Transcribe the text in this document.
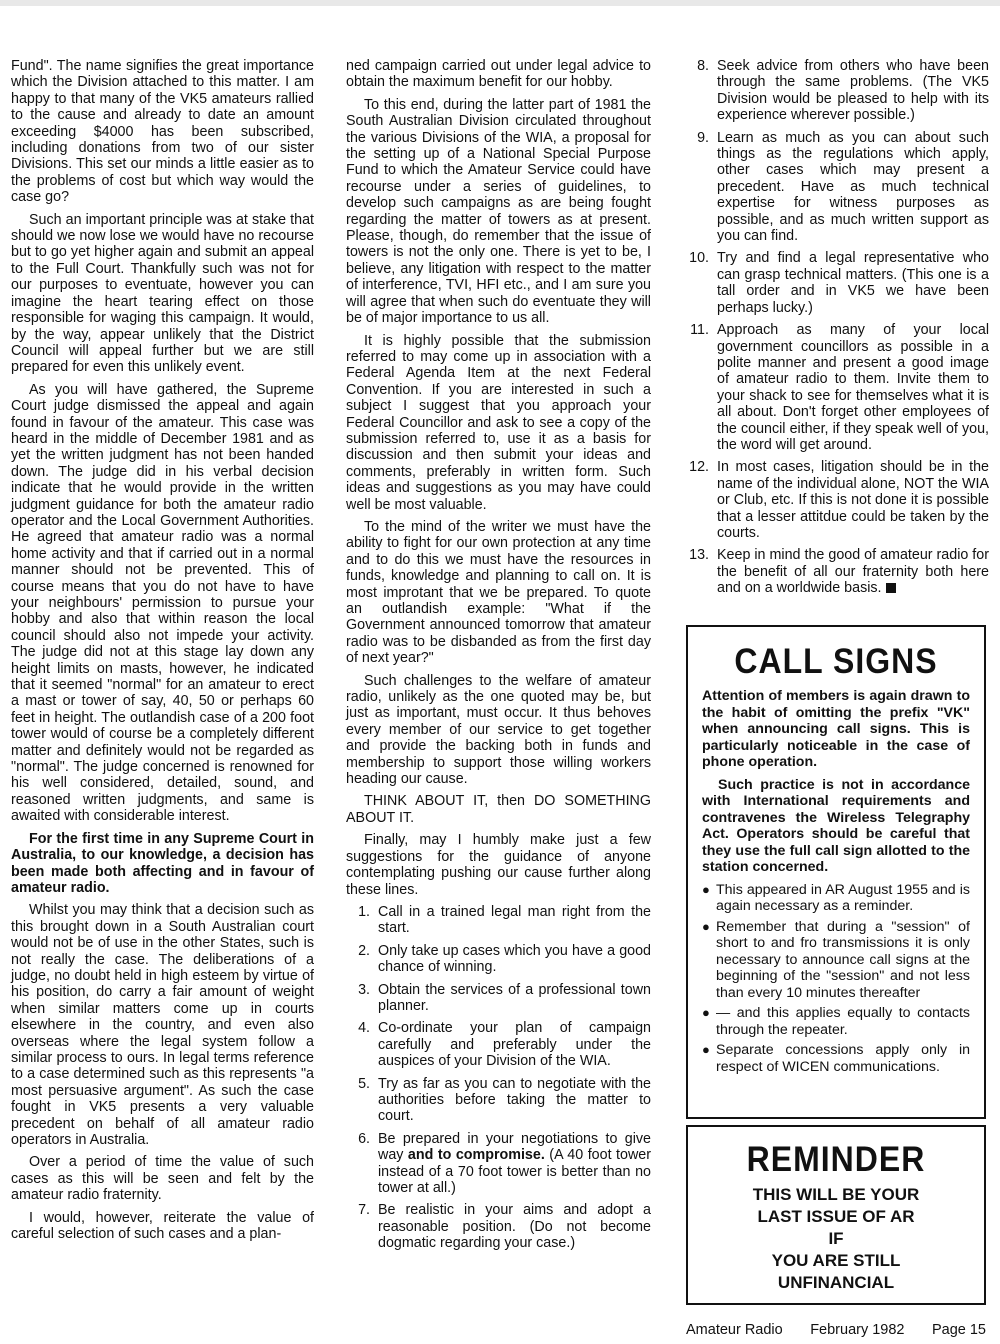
Fund". The name signifies the great importance which the Division attached to this matter. I am happy to that many of the VK5 amateurs rallied to the cause and already to date an amount exceeding $4000 has been subscribed, including donations from two of our sister Divisions. This set our minds a little easier as to the problems of cost but which way would the case go?

Such an important principle was at stake that should we now lose we would have no recourse but to go yet higher again and submit an appeal to the Full Court. Thankfully such was not for our purposes to eventuate, however you can imagine the heart tearing effect on those responsible for waging this campaign. It would, by the way, appear unlikely that the District Council will appeal further but we are still prepared for even this unlikely event.

As you will have gathered, the Supreme Court judge dismissed the appeal and again found in favour of the amateur. This case was heard in the middle of December 1981 and as yet the written judgment has not been handed down. The judge did in his verbal decision indicate that he would provide in the written judgment guidance for both the amateur radio operator and the Local Government Authorities. He agreed that amateur radio was a normal home activity and that if carried out in a normal manner should not be prevented. This of course means that you do not have to have your neighbours' permission to pursue your hobby and also that within reason the local council should also not impede your activity. The judge did not at this stage lay down any height limits on masts, however, he indicated that it seemed "normal" for an amateur to erect a mast or tower of say, 40, 50 or perhaps 60 feet in height. The outlandish case of a 200 foot tower would of course be a completely different matter and definitely would not be regarded as "normal". The judge concerned is renowned for his well considered, detailed, sound, and reasoned written judgments, and same is awaited with considerable interest.

For the first time in any Supreme Court in Australia, to our knowledge, a decision has been made both affecting and in favour of amateur radio.

Whilst you may think that a decision such as this brought down in a South Australian court would not be of use in the other States, such is not really the case. The deliberations of a judge, no doubt held in high esteem by virtue of his position, do carry a fair amount of weight when similar matters come up in courts elsewhere in the country, and even also overseas where the legal system follow a similar process to ours. In legal terms reference to a case determined such as this represents "a most persuasive argument". As such the case fought in VK5 presents a very valuable precedent on behalf of all amateur radio operators in Australia.

Over a period of time the value of such cases as this will be seen and felt by the amateur radio fraternity.

I would, however, reiterate the value of careful selection of such cases and a plan-

ned campaign carried out under legal advice to obtain the maximum benefit for our hobby.

To this end, during the latter part of 1981 the South Australian Division circulated throughout the various Divisions of the WIA, a proposal for the setting up of a National Special Purpose Fund to which the Amateur Service could have recourse under a series of guidelines, to develop such campaigns as are being fought regarding the matter of towers as at present. Please, though, do remember that the issue of towers is not the only one. There is yet to be, I believe, any litigation with respect to the matter of interference, TVI, HFI etc., and I am sure you will agree that when such do eventuate they will be of major importance to us all.

It is highly possible that the submission referred to may come up in association with a Federal Agenda Item at the next Federal Convention. If you are interested in such a subject I suggest that you approach your Federal Councillor and ask to see a copy of the submission referred to, use it as a basis for discussion and then submit your ideas and comments, preferably in written form. Such ideas and suggestions as you may have could well be most valuable.

To the mind of the writer we must have the ability to fight for our own protection at any time and to do this we must have the resources in funds, knowledge and planning to call on. It is most improtant that we be prepared. To quote an outlandish example: "What if the Government announced tomorrow that amateur radio was to be disbanded as from the first day of next year?"

Such challenges to the welfare of amateur radio, unlikely as the one quoted may be, but just as important, must occur. It thus behoves every member of our service to get together and provide the backing both in funds and membership to support those willing workers heading our cause.

THINK ABOUT IT, then DO SOMETHING ABOUT IT.

Finally, may I humbly make just a few suggestions for the guidance of anyone contemplating pushing our cause further along these lines.

1. Call in a trained legal man right from the start.
2. Only take up cases which you have a good chance of winning.
3. Obtain the services of a professional town planner.
4. Co-ordinate your plan of campaign carefully and preferably under the auspices of your Division of the WIA.
5. Try as far as you can to negotiate with the authorities before taking the matter to court.
6. Be prepared in your negotiations to give way and to compromise. (A 40 foot tower instead of a 70 foot tower is better than no tower at all.)
7. Be realistic in your aims and adopt a reasonable position. (Do not become dogmatic regarding your case.)
8. Seek advice from others who have been through the same problems. (The VK5 Division would be pleased to help with its experience wherever possible.)
9. Learn as much as you can about such things as the regulations which apply, other cases which may present a precedent. Have as much technical expertise for witness purposes as possible, and as much written support as you can find.
10. Try and find a legal representative who can grasp technical matters. (This one is a tall order and in VK5 we have been perhaps lucky.)
11. Approach as many of your local government councillors as possible in a polite manner and present a good image of amateur radio to them. Invite them to your shack to see for themselves what it is all about. Don't forget other employees of the council either, if they speak well of you, the word will get around.
12. In most cases, litigation should be in the name of the individual alone, NOT the WIA or Club, etc. If this is not done it is possible that a lesser attitdue could be taken by the courts.
13. Keep in mind the good of amateur radio for the benefit of all our fraternity both here and on a worldwide basis.
CALL SIGNS

Attention of members is again drawn to the habit of omitting the prefix "VK" when announcing call signs. This is particularly noticeable in the case of phone operation.

Such practice is not in accordance with International requirements and contravenes the Wireless Telegraphy Act. Operators should be careful that they use the full call sign allotted to the station concerned.

● This appeared in AR August 1955 and is again necessary as a reminder.
● Remember that during a "session" of short to and fro transmissions it is only necessary to announce call signs at the beginning of the "session" and not less than every 10 minutes thereafter
● — and this applies equally to contacts through the repeater.
● Separate concessions apply only in respect of WICEN communications.
REMINDER
THIS WILL BE YOUR
LAST ISSUE OF AR
IF
YOU ARE STILL
UNFINANCIAL
Amateur Radio February 1982 Page 15
